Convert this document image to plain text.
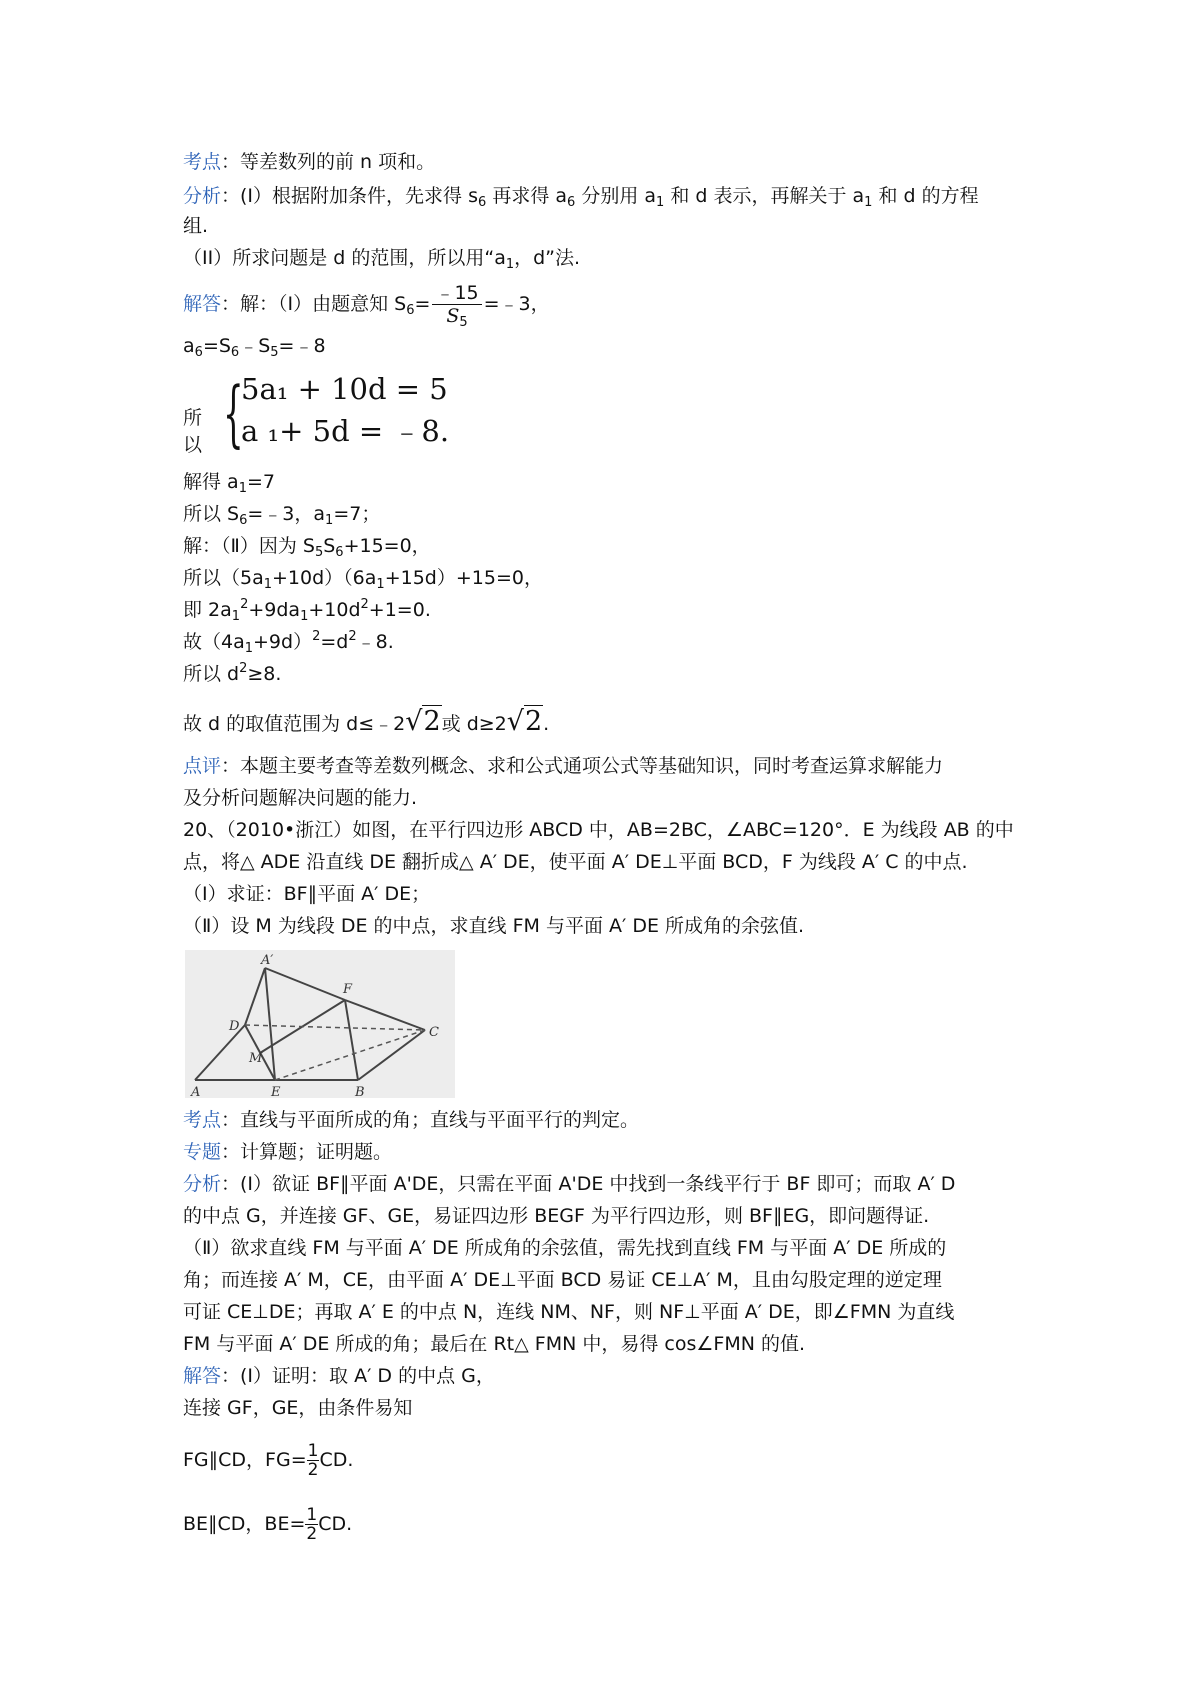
考点：等差数列的前 n 项和。
分析：(I）根据附加条件，先求得 $s_6$ 再求得 $a_6$ 分别用 $a_1$ 和 d 表示，再解关于 $a_1$ 和 d 的方程
组.
（II）所求问题是 d 的范围，所以用“$a_1$，d”法.
解答：解：（Ⅰ）由题意知 $S_6= \frac{﹣15}{S_5}$ =﹣3，
$a_6=S_6﹣S_5=﹣8$
所以 {
5a₁ + 10d = 5
a ₁+ 5d = ﹣8.
解得 $a_1=7$
所以 $S_6=﹣3$，$a_1=7$；
解：（Ⅱ）因为 $S_5S_6+15=0$，
所以$(5a_1+10d)(6a_1+15d)+15=0$，
即 $2a_1^2+9da_1+10d^2+1=0$.
故$(4a_1+9d)^2=d^2﹣8$.
所以 $d^2\ge 8$.
故 d 的取值范围为 d≤﹣2√2或 d≥2√2.
点评：本题主要考查等差数列概念、求和公式通项公式等基础知识，同时考查运算求解能力
及分析问题解决问题的能力.
20、（2010•浙江）如图，在平行四边形 ABCD 中，AB=2BC，∠ABC=120°．E 为线段 AB 的中
点，将△ ADE 沿直线 DE 翻折成△ A′ DE，使平面 A′ DE⊥平面 BCD，F 为线段 A′ C 的中点.
（Ⅰ）求证：BF∥平面 A′ DE；
（Ⅱ）设 M 为线段 DE 的中点，求直线 FM 与平面 A′ DE 所成角的余弦值.
A′
F
D	C
M
A	E	B
考点：直线与平面所成的角；直线与平面平行的判定。
专题：计算题；证明题。
分析：(Ⅰ）欲证 BF∥平面 A'DE，只需在平面 A'DE 中找到一条线平行于 BF 即可；而取 A′ D
的中点 G，并连接 GF、GE，易证四边形 BEGF 为平行四边形，则 BF∥EG，即问题得证.
（Ⅱ）欲求直线 FM 与平面 A′ DE 所成角的余弦值，需先找到直线 FM 与平面 A′ DE 所成的
角；而连接 A′ M，CE，由平面 A′ DE⊥平面 BCD 易证 CE⊥A′ M，且由勾股定理的逆定理
可证 CE⊥DE；再取 A′ E 的中点 N，连线 NM、NF，则 NF⊥平面 A′ DE，即∠FMN 为直线
FM 与平面 A′ DE 所成的角；最后在 Rt△ FMN 中，易得 cos∠FMN 的值.
解答：(Ⅰ）证明：取 A′ D 的中点 G，
连接 GF，GE，由条件易知
FG∥CD，$FG= \frac{1}{2}$ CD.
BE∥CD，$BE= \frac{1}{2}$ CD.
